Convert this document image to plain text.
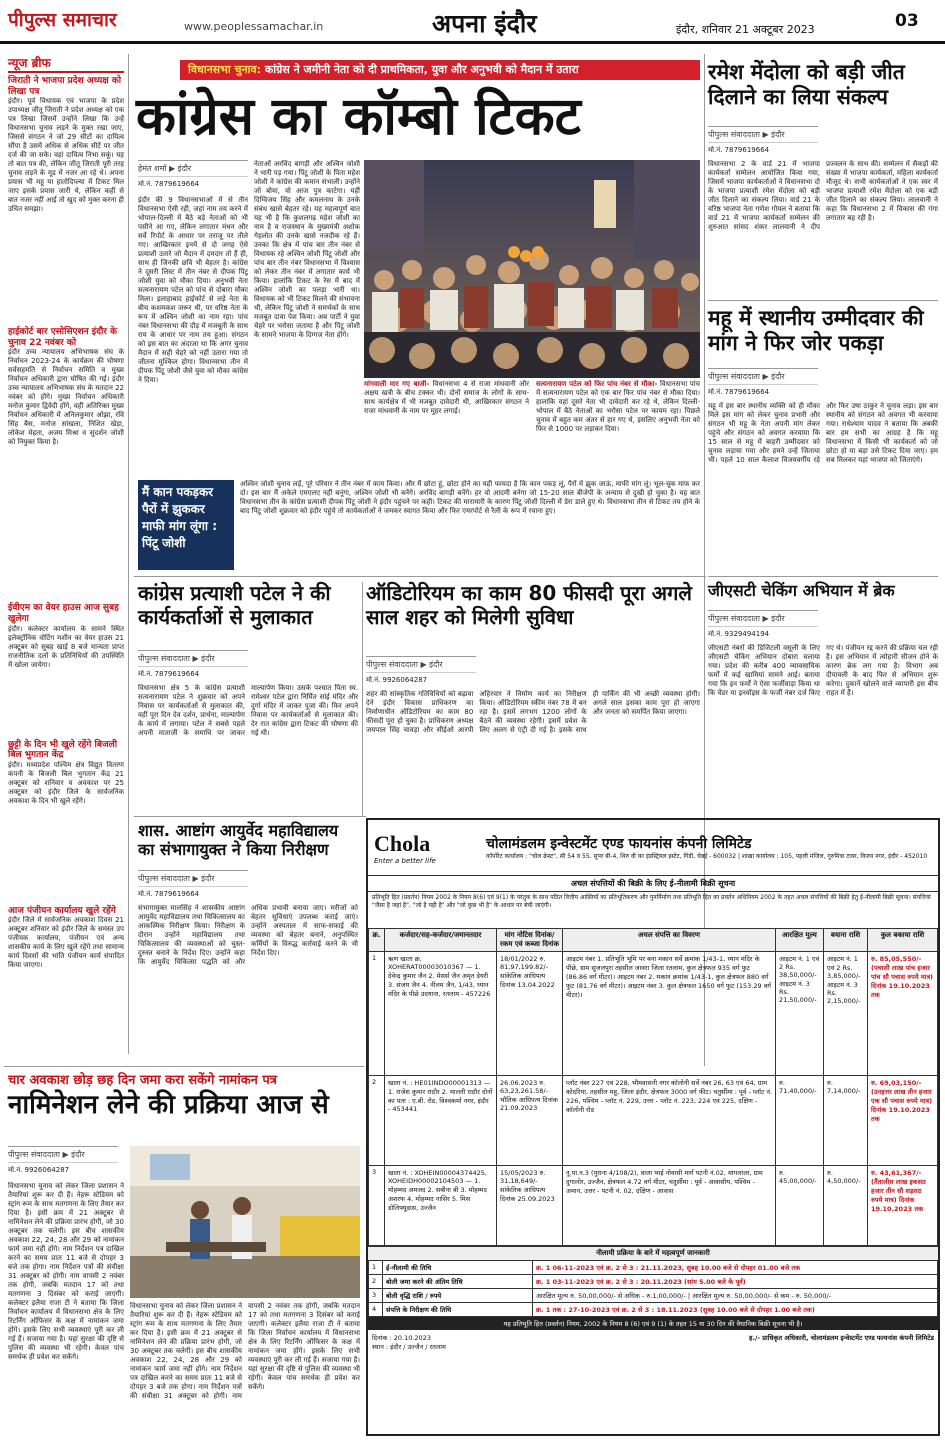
पीपुल्स समाचार	www.peoplessamachar.in	अपना इंदौर	इंदौर, शनिवार 21 अक्टूबर 2023	03
न्यूज ब्रीफ
जिराती ने भाजपा प्रदेश अध्यक्ष को लिखा पत्र
इंदौर। पूर्व विधायक एवं भाजपा के प्रदेश उपाध्यक्ष जीतू जिराती ने प्रदेश अध्यक्ष को एक पत्र लिखा जिसमें उन्होंने लिखा कि उन्हें विधानसभा चुनाव लड़ने के मुक्त रखा जाए, जिससे संगठन ने जो 29 सीटों का दायित्व सौंपा है उसमें अधिक से अधिक सीटें पर जीत दर्ज की जा सके। वहां दायित्व निभा सकूं। यह तो बात पत्र की, लेकिन जीतू जिराती पूरी तरह चुनाव लड़ने के मूड में नजर आ रहे थे। अपना प्रयास भी महू या हातोदिप्ल्या में टिकट मिल जाए इसके प्रयास जारी थे, लेकिन कहीं से बात नजर नहीं आई तो खुद को मुक्त करना ही उचित समझा।
हाईकोर्ट बार एसोसिएशन इंदौर के चुनाव 22 नवंबर को
इंदौर उच्च न्यायालय अभिभाषक संघ के निर्वाचन 2023-24 के कार्यक्रम की घोषणा सर्वसहमति से निर्वाचन समिति व मुख्य निर्वाचन अधिकारी द्वारा घोषित की गई। इंदौर उच्च न्यायालय अभिभाषक संघ के मतदान 22 नवंबर को होंगे। मुख्य निर्वाचन अधिकारी मनोज कुमार द्विवेदी होंगे, वहीं अतिरिक्त मुख्य निर्वाचन अधिकारी में अनिलकुमार ओझा, रवि सिंह बैस, मनोज सांखला, निशित खेड़ा, लोकेश मेहता, अजय मिश्रा व सुदर्शन जोशी को नियुक्त किया है।
ईवीएम का वेयर हाउस आज सुबह खुलेगा
इंदौर। कलेक्टर कार्यालय के सामने स्थित इलेक्ट्रॉनिक वोटिंग मशीन का वेयर हाउस 21 अक्टूबर को सुबह खाई 8 बजे मान्यता प्राप्त राजनीतिक दलों के प्रतिनिधियों की उपस्थिति में खोला जायेगा।
छुट्टी के दिन भी खुले रहेंगे बिजली बिल भुगतान केंद्र
इंदौर। मध्यप्रदेश पश्चिम क्षेत्र विद्युत वितरण कंपनी के बिजली बिल भुगतान केंद्र 21 अक्टूबर को शनिवार व अवकाश पर 25 अक्टूबर को इंदौर जिले के सार्वजनिक अवकाश के दिन भी खुले रहेंगे।
आज पंजीयन कार्यालय खुले रहेंगे
इंदौर जिले में सार्वजनिक अवकाश दिवस 21 अक्टूबर शनिवार को इंदौर जिले के समस्त उप पंजीयक कार्यालय, पंजीयन एवं अन्य शासकीय कार्य के लिए खुले रहेंगे तथा सामान्य कार्य दिवसों की भांति पंजीयन कार्य संपादित किया जाएगा।
विधानसभा चुनाव: कांग्रेस ने जमीनी नेता को दी प्राथमिकता, युवा और अनुभवी को मैदान में उतारा
कांग्रेस का कॉम्बो टिकट
हेमंत शर्मा ▶ इंदौर
मो.नं. 7879619664
इंदौर की 9 विधानसभाओं में से तीन विधानसभा ऐसी रही, जहां नाम तय करने में भोपाल-दिल्ली में बैठे बड़े नेताओं को भी पसीने आ गए, लेकिन लगातार मंथन और सर्वे रिपोर्ट के आधार पर तराजू पर तौले गए। आखिरकार इनमें से दो जगह ऐसे प्रत्याशी उतारे जो मैदान में दमदार तो हैं ही, साथ ही जिनकी छवि भी बेहतर है। कांग्रेस ने दूसरी लिस्ट में तीन नंबर से दीपक पिंटू जोशी युवा को मौका दिया। अनुभवी नेता सत्यनारायण पटेल को पांच से दोबारा मौका मिला। इलाहाबाद हाईकोर्ट से लड़े नेता के बीच कशमकश जरूर थी, पर वरिष्ठ नेता के रूप में अश्विन जोशी का नाम रहा। पांच नंबर विधानसभा की दौड़ में मजबूती के साथ राय के आधार पर नाम तय हुआ। संगठन को इस बात का अंदाजा था कि अगर चुनाव मैदान में सही चेहरे को नहीं उतारा गया तो जीतना मुश्किल होगा। विधानसभा तीन में दीपक पिंटू जोशी जैसे युवा को मौका कांग्रेस ने दिया।
नेताओं अरविंद बागड़ी और अश्विन जोशी ने भारी पड़ गया। पिंटू जोशी के पिता महेश जोशी ने कांग्रेस की कमान संभाली। उन्होंने जो बोया, वो आज पुत्र काटेगा। यहीं दिग्विजय सिंह और कमलनाथ के उनके संबंध खासे बेहतर रहे। यह महत्वपूर्ण बात यह भी है कि कुशलगढ़ महेश जोशी का नाम है व राजस्थान के मुख्यमंत्री अशोक गेहलोत की उनके खासे नजदीक रहे हैं। उनका कि क्षेत्र में पांच बार तीन नंबर से विधायक रहे अश्विन जोशी पिंटू जोशी और पांच बार तीन नंबर विधानसभा में विश्वास को लेकर तीन नंबर में लगातार कार्य भी किया। हालांकि टिकट के रेस में बाद में अश्विन जोशी का पलड़ा भारी था। विधायक को भी टिकट मिलने की संभावना थी, लेकिन पिंटू जोशी ने समर्थकों के साथ मजबूत दावा पेश किया। अब पार्टी ने युवा चेहरे पर भरोसा जताया है और पिंटू जोशी के सामने भाजपा के दिग्गज नेता होंगे।
मांगवाली मार गए बाजी- विधानसभा 4 से राजा मांधवानी और अक्षय खत्री के बीच टक्कर थी। दोनों समाज के लोगों के साथ-साथ कार्यक्षेत्र में भी मजबूत दावेदारी थी, आखिरकार संगठन ने राजा मांधवानी के नाम पर मुहर लगाई।
सत्यनारायण पटेल को फिर पांच नंबर से मौका- विधानसभा पांच में सत्यनारायण पटेल को एक बार फिर पांच नंबर से मौका दिया। हालांकि वहां दूसरे नेता भी दावेदारी कर रहे थे, लेकिन दिल्ली-भोपाल में बैठे नेताओं का भरोसा पटेल पर कायम रहा। पिछले चुनाव में बहुत कम अंतर से हार गए थे, इसलिए अनुभवी नेता को फिर से 1000 पर लड़ाकर दिया।
मैं कान पकड़कर पैरों में झुककर माफी मांग लूंगा : पिंटू जोशी
अश्विन जोशी चुनाव लड़ें, पूरे परिवार ने तीन नंबर में काम किया। और मैं छोटा हूं, छोटा होने का यही फायदा है कि कान पकड़ लूं, पैरों में झुक जाऊं, माफी मांग लूं। भूल-चूक माफ कर दो। इस बार मैं अकेले एमएलए नहीं बनूंगा, अश्विन जोशी भी बनेंगे। अरविंद बागड़ी बनेंगे। हर वो आदमी बनेगा जो 15-20 साल बीजेपी के अन्याय से दुखी हो चुका है। यह बात विधानसभा तीन के कांग्रेस प्रत्याशी दीपक पिंटू जोशी ने इंदौर पहुंचने पर कही। टिकट की मारामारी के कारण पिंटू जोशी दिल्ली में डेरा डाले हुए थे। विधानसभा तीन से टिकट तय होने के बाद पिंटू जोशी शुक्रवार को इंदौर पहुंचे तो कार्यकर्ताओं ने जमकर स्वागत किया और फिर एयरपोर्ट से रैली के रूप में रवाना हुए।
रमेश मेंदोला को बड़ी जीत दिलाने का लिया संकल्प
पीपुल्स संवाददाता ▶ इंदौर
मो.नं. 7879619664
विधानसभा 2 के वार्ड 21 में भाजपा कार्यकर्ता सम्मेलन आयोजित किया गया, जिसमें भाजपा कार्यकर्ताओं ने विधानसभा दो के भाजपा प्रत्याशी रमेश मेंदोला को बड़ी जीत दिलाने का संकल्प लिया। वार्ड 21 के वरिष्ठ भाजपा नेता गणेश गोयल ने बताया कि वार्ड 21 में भाजपा कार्यकर्ता सम्मेलन की शुरुआत सांसद शंकर लालवानी ने दीप प्रज्वलन के साथ की। सम्मेलन में सैकड़ों की संख्या में भाजपा कार्यकर्ता, महिला कार्यकर्ता मौजूद थे। सभी कार्यकर्ताओं ने एक स्वर में भाजपा प्रत्याशी रमेश मेंदोला को एक बड़ी जीत दिलाने का संकल्प लिया। लालवानी ने कहा कि विधानसभा 2 में विकास की गंगा लगातार बह रही है।
महू में स्थानीय उम्मीदवार की मांग ने फिर जोर पकड़ा
पीपुल्स संवाददाता ▶ इंदौर
मो.नं. 7879619664
महू में इस बार स्थानीय व्यक्ति को ही मौका मिले इस मांग को लेकर चुनाव प्रभारी और संगठन भी महू के नेता अपनी मांग लेकर पहुंचे और संगठन को अवगत करवाया कि 15 साल से महू में बाहरी उम्मीदवार को चुनाव लड़ाया गया और हमने उन्हें जिताया भी। पहले 10 साल कैलाश विजयवर्गीय रहे और फिर उषा ठाकुर ने चुनाव लड़ा। इस बार स्थानीय को संगठन को अवगत भी करवाया गया। राधेश्याम यादव ने बताया कि अबकी बार हम सभी का आग्रह है कि महू विधानसभा में किसी भी कार्यकर्ता को जो छोटा हो या बड़ा उसे टिकट दिया जाए। हम सब मिलकर यहां भाजपा को जिताएंगे।
कांग्रेस प्रत्याशी पटेल ने की कार्यकर्ताओं से मुलाकात
पीपुल्स संवाददाता ▶ इंदौर
मो.नं. 7879619664
विधानसभा क्षेत्र 5 के कांग्रेस प्रत्याशी सत्यनारायण पटेल ने शुक्रवार को अपने निवास पर कार्यकर्ताओं से मुलाकात की, वहीं पूरा दिन देव दर्शन, प्रार्थना, माल्यार्पण के कार्य में लगाया। पटेल ने सबसे पहले अपनी माताजी के समाधि पर जाकर माल्यार्पण किया। उसके पश्चात पिता स्व. रामेश्वर पटेल द्वारा निर्मित सांई मंदिर और दुर्गा मंदिर में जाकर पूजा की। फिर अपने निवास पर कार्यकर्ताओं से मुलाकात की। देर रात कांग्रेस द्वारा टिकट की घोषणा की गई थी।
ऑडिटोरियम का काम 80 फीसदी पूरा अगले साल शहर को मिलेगी सुविधा
पीपुल्स संवाददाता ▶ इंदौर
मो.नं. 9926064287
शहर की सांस्कृतिक गतिविधियों को बढ़ावा देने इंदौर विकास प्राधिकरण का निर्माणाधीन ऑडिटोरियम का काम 80 फीसदी पूरा हो चुका है। प्राधिकरण अध्यक्ष जयपाल सिंह चावड़ा और सीईओ आरपी अहिरवार ने निर्माण कार्य का निरीक्षण किया। ऑडिटोरियम स्कीम नंबर 78 में बन रहा है। इसमें लगभग 1200 लोगों के बैठने की व्यवस्था रहेगी। इसमें प्रवेश के लिए अलग से एंट्री दी गई है। इसके साथ ही पार्किंग की भी अच्छी व्यवस्था होगी। अगले साल इसका काम पूरा हो जाएगा और जनता को समर्पित किया जाएगा।
जीएसटी चेकिंग अभियान में ब्रेक
पीपुल्स संवाददाता ▶ इंदौर
मो.नं. 9329494194
जीएसटी नंबरों की डिजिटली वसूली के लिए जीएसटी चेकिंग अभियान दोबारा चलाया गया। प्रदेश की करीब 400 व्यावसायिक फर्मों में कई खामियां सामने आई। बताया गया कि इन फर्मों ने ऐसा फर्जीवाड़ा किया था कि वेंडर या इनवॉइस के फर्जी नंबर दर्ज किए गए थे। पंजीयन रद्द करने की प्रक्रिया चल रही है। इस अभियान में त्योहारी सीजन होने के कारण ब्रेक लग गया है। विभाग अब दीपावली के बाद फिर से अभियान शुरू करेगा। दुकानें खोलने वाले व्यापारी इस बीच राहत में हैं।
शास. आष्टांग आयुर्वेद महाविद्यालय का संभागायुक्त ने किया निरीक्षण
पीपुल्स संवाददाता ▶ इंदौर
मो.नं. 7879619664
संभागायुक्त मालसिंह ने शासकीय आष्टांग आयुर्वेद महाविद्यालय तथा चिकित्सालय का आकस्मिक निरीक्षण किया। निरीक्षण के दौरान उन्होंने महाविद्यालय तथा चिकित्सालय की व्यवस्थाओं को चुस्त-दुरुस्त बनाने के निर्देश दिए। उन्होंने कहा कि आयुर्वेद चिकित्सा पद्धति को और अधिक प्रभावी बनाया जाए। मरीजों को बेहतर सुविधाएं उपलब्ध कराई जाएं। उन्होंने अस्पताल में साफ-सफाई की व्यवस्था को बेहतर बनाने, अनुपस्थित कर्मियों के विरुद्ध कार्रवाई करने के भी निर्देश दिए।
Chola
Enter a better life
चोलामंडलम इन्वेस्टमेंट एण्ड फायनांस कंपनी लिमिटेड
कॉर्पोरेट कार्यालय : "चोल क्रेस्ट", सी 54 व 55, सुपर बी-4, थिरु वी का इंडस्ट्रियल इस्टेट, गिंडी, चेन्नई - 600032 | शाखा कार्यालय : 105, पहली मंजिल, गुरुमित्रा टावर, विजय नगर, इंदौर - 452010
अचल संपत्तियों की बिक्री के लिए ई-नीलामी बिक्री सूचना
प्रतिभूति हित (प्रवर्तन) नियम 2002 के नियम 8(6) एवं 9(1) के परंतुक के साथ पठित वित्तीय आस्तियों का प्रतिभूतिकरण और पुनर्निर्माण तथा प्रतिभूति हित का प्रवर्तन अधिनियम 2002 के तहत अचल संपत्तियों की बिक्री हेतु ई-नीलामी बिक्री सूचना। संपत्तियां "जैसा है जहां है", "जो है यही है" और "जो कुछ भी है" के आधार पर बेची जाएंगी।
क्र.	कर्जदार/सह-कर्जदार/जमानतदार	मांग नोटिस दिनांक/रकम एवं कब्जा दिनांक	अचल संपत्ति का विवरण	आरक्षित मूल्य	बयाना राशि	कुल बकाया राशि
1	ऋण खाता क्र. XOHERAT00003010367 — 1. देवेन्द्र कुमार जैन 2. मेसर्स जैन अमृत डेयरी 3. संजय जैन 4. नीलम जैन, 1/43, ध्यान मंदिर के पीछे उदयाना, रतलाम - 457226	18/01/2022 रु. 81,97,199.82/- सांकेतिक आधिपत्य दिनांक 13.04.2022	आइटम नंबर 1. प्रतिभूति भूमि पर बना मकान सर्वे क्रमांक 1/43-1, ध्यान मंदिर के पीछे, ग्राम सुजलपुरा तहसील जावरा जिला रतलाम, कुल क्षेत्रफल 935 वर्ग फुट (86.86 वर्ग मीटर)। आइटम नंबर 2. मकान क्रमांक 1/43-1, कुल क्षेत्रफल 880 वर्ग फुट (81.76 वर्ग मीटर)। आइटम नंबर 3. कुल क्षेत्रफल 1650 वर्ग फुट (153.29 वर्ग मीटर)।	आइटम नं. 1 एवं 2 Rs. 38,50,000/- आइटम नं. 3 Rs. 21,50,000/-	आइटम नं. 1 एवं 2 Rs. 3,85,000/- आइटम नं. 3 Rs. 2,15,000/-	रु. 85,05,550/- (पचासी लाख पांच हजार पांच सौ पचास रुपये मात्र) दिनांक 19.10.2023 तक
2	खाता नं. : HE01INDO00001313 — 1. राजेश कुमार राठौर 2. मालती राठौर दोनों का पता : ए.बी. रोड, विश्वकर्मा नगर, इंदौर - 453441	26.06.2023 रु. 63,23,261.58/- भौतिक आधिपत्य दिनांक 21.09.2023	प्लॉट नंबर 227 एवं 228, भौमवासनी नगर कॉलोनी सर्वे नंबर 26, 63 एवं 64, ग्राम कोदरिया, तहसील महू, जिला इंदौर, क्षेत्रफल 3000 वर्ग फीट। चतुर्सीमा : पूर्व - प्लॉट नं. 226, पश्चिम - प्लॉट नं. 229, उत्तर - प्लॉट नं. 223, 224 एवं 225, दक्षिण - कॉलोनी रोड	रु. 71,40,000/-	रु. 7,14,000/-	रु. 69,03,150/- (उनहत्तर लाख तीन हजार एक सौ पचास रुपये मात्र) दिनांक 19.10.2023 तक
3	खाता नं. : XOHEIN00004374425, XOHEIDH00002104503 — 1. मोहम्मद अमजद 2. सबीना बी 3. मोहम्मद अशरफ 4. मोहम्मद नासिर 5. मिस डोलिफ्यूडास, उज्जैन	15/05/2023 रु. 31,18,649/- सांकेतिक आधिपत्य दिनांक 25.09.2023	नू.पा.न.3 (पुराना 4/108/2), वाला भाई नोवासी मार्ग पटनी नं.02, मांगलाला, ग्राम दुगालोर, उज्जैन, क्षेत्रफल 4.72 वर्ग मीटर, चतुर्सीमा : पूर्व - आवासीय, पश्चिम - अमान, उत्तर - पटनी नं. 02, दक्षिण - आवास	रु. 45,00,000/-	रु. 4,50,000/-	रु. 43,61,367/- (तैंतालीस लाख इकसठ हजार तीन सौ सड़सठ रुपये मात्र) दिनांक 19.10.2023 तक
नीलामी प्रक्रिया के बारे में महत्वपूर्ण जानकारी
1	ई-नीलामी की तिथि	क्र. 1 06-11-2023 एवं क्र. 2 से 3 : 21.11.2023, सुबह 10.00 बजे से दोपहर 01.00 बजे तक
2	बोली जमा करने की अंतिम तिथि	क्र. 1 03-11-2023 एवं क्र. 2 से 3 : 20.11.2023 (सांय 5.00 बजे के पूर्व)
3	बोली वृद्धि राशि / रुपये	आरक्षित मूल्य रु. 50,00,000/- से अधिक - रु.1,00,000/- | आरक्षित मूल्य रु. 50,00,000/- से कम - रु. 50,000/-
4	संपत्ति के निरीक्षण की तिथि	क्र. 1 तक : 27-10-2023 एवं क्र. 2 से 3 : 18.11.2023 (सुबह 10.00 बजे से दोपहर 1.00 बजे तक)
यह प्रतिभूति हित (प्रवर्तन) नियम, 2002 के नियम 8 (6) एवं 9 (1) के तहत 15 या 30 दिन की वैधानिक बिक्री सूचना भी है।
दिनांक : 20.10.2023
स्थान : इंदौर / उज्जैन / रतलाम
ह./- प्राधिकृत अधिकारी, चोलामंडलम इन्वेस्टमेंट एण्ड फायनांस कंपनी लिमिटेड
चार अवकाश छोड़ छह दिन जमा करा सकेंगे नामांकन पत्र
नामिनेशन लेने की प्रक्रिया आज से
पीपुल्स संवाददाता ▶ इंदौर
मो.नं. 9926064287
विधानसभा चुनाव को लेकर जिला प्रशासन ने तैयारियां शुरू कर दी हैं। नेहरू स्टेडियम को स्ट्रांग रूम के साथ मतगणना के लिए तैयार कर दिया है। इसी क्रम में 21 अक्टूबर से नामिनेशन लेने की प्रक्रिया प्रारंभ होगी, जो 30 अक्टूबर तक चलेगी। इस बीच शासकीय अवकाश 22, 24, 28 और 29 को नामांकन फार्म जमा नहीं होंगे। नाम निर्देशन पत्र दाखिल करने का समय प्रातः 11 बजे से दोपहर 3 बजे तक होगा। नाम निर्देशन पत्रों की संवीक्षा 31 अक्टूबर को होगी। नाम वापसी 2 नवंबर तक होगी, जबकि मतदान 17 को तथा मतगणना 3 दिसंबर को कराई जाएगी। कलेक्टर इलैया राजा टी ने बताया कि जिला निर्वाचन कार्यालय में विधानसभा क्षेत्र के लिए रिटर्निंग ऑफिसर के कक्ष में नामांकन जमा होंगे। इसके लिए सभी व्यवस्थाएं पूरी कर ली गई हैं। सजाया गया है। यहां सुरक्षा की दृष्टि से पुलिस की व्यवस्था भी रहेगी। केवल पांच समर्थक ही प्रवेश कर सकेंगे।
विधानसभा चुनाव को लेकर जिला प्रशासन ने तैयारियां शुरू कर दी हैं। नेहरू स्टेडियम को स्ट्रांग रूम के साथ मतगणना के लिए तैयार कर दिया है। इसी क्रम में 21 अक्टूबर से नामिनेशन लेने की प्रक्रिया प्रारंभ होगी, जो 30 अक्टूबर तक चलेगी। इस बीच शासकीय अवकाश 22, 24, 28 और 29 को नामांकन फार्म जमा नहीं होंगे। नाम निर्देशन पत्र दाखिल करने का समय प्रातः 11 बजे से दोपहर 3 बजे तक होगा। नाम निर्देशन पत्रों की संवीक्षा 31 अक्टूबर को होगी। नाम वापसी 2 नवंबर तक होगी, जबकि मतदान 17 को तथा मतगणना 3 दिसंबर को कराई जाएगी। कलेक्टर इलैया राजा टी ने बताया कि जिला निर्वाचन कार्यालय में विधानसभा क्षेत्र के लिए रिटर्निंग ऑफिसर के कक्ष में नामांकन जमा होंगे। इसके लिए सभी व्यवस्थाएं पूरी कर ली गई हैं। सजाया गया है। यहां सुरक्षा की दृष्टि से पुलिस की व्यवस्था भी रहेगी। केवल पांच समर्थक ही प्रवेश कर सकेंगे।
